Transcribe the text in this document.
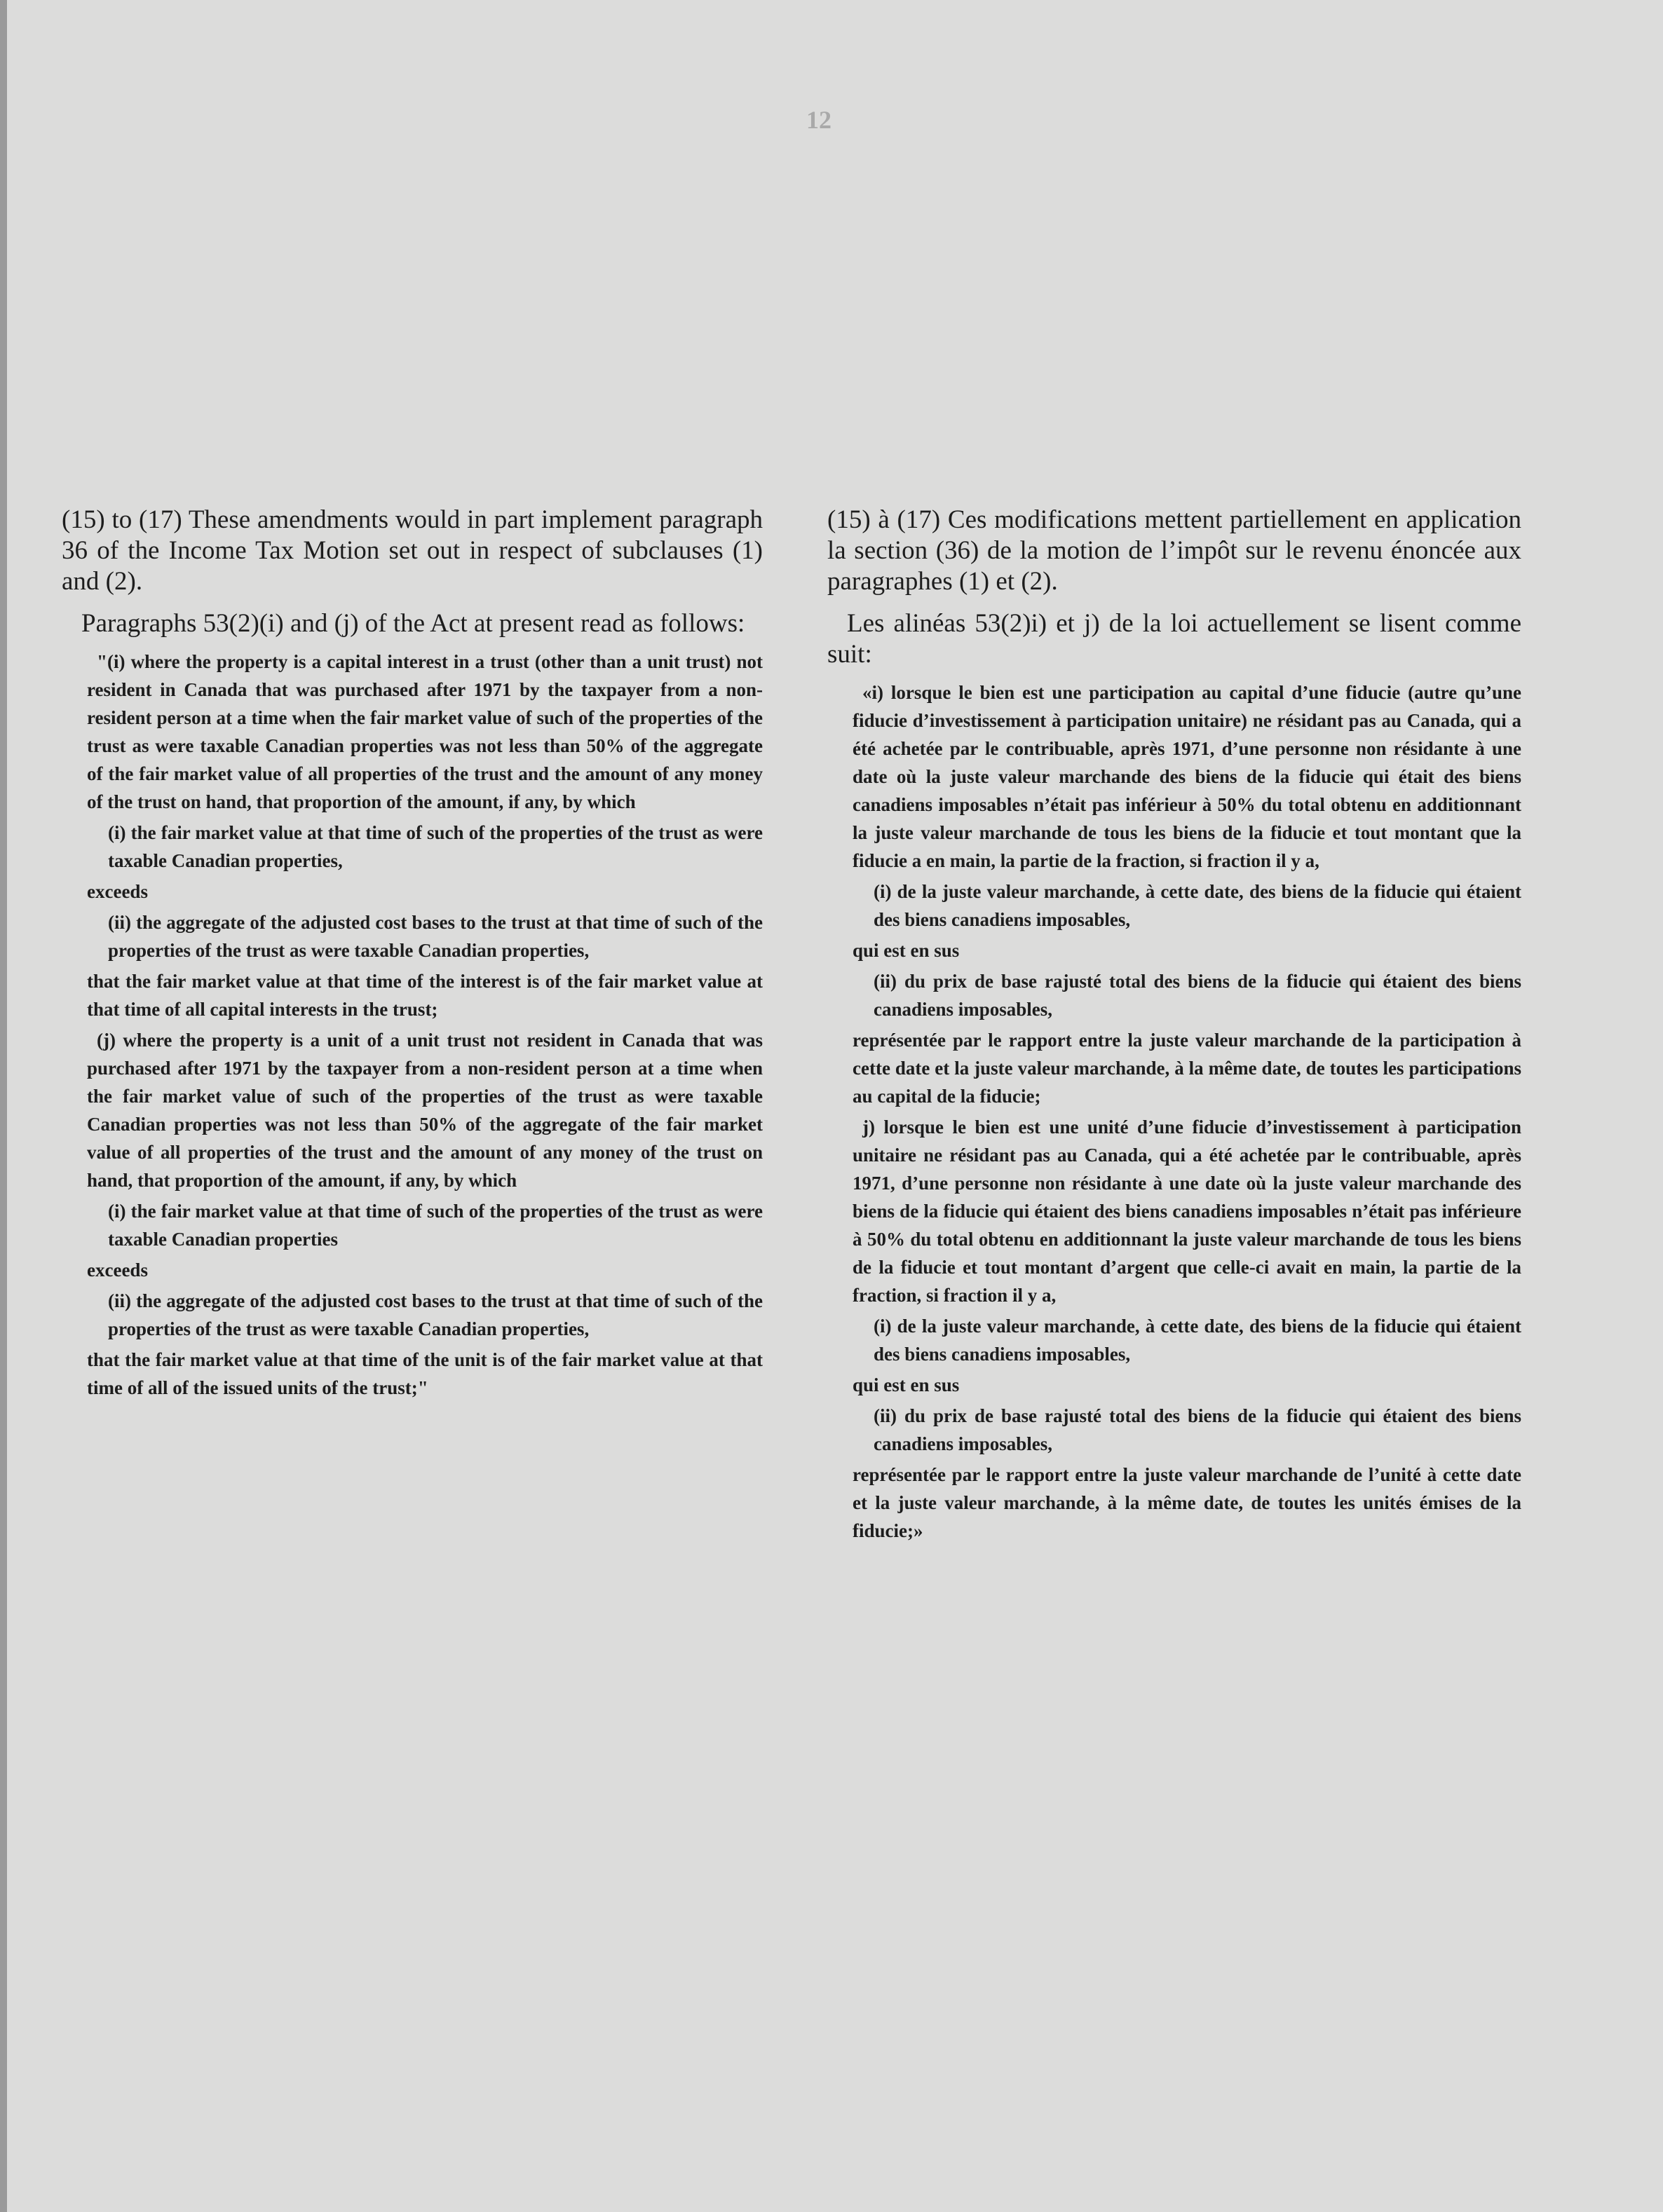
12

(15) to (17) These amendments would in part implement paragraph 36 of the Income Tax Motion set out in respect of subclauses (1) and (2).

Paragraphs 53(2)(i) and (j) of the Act at present read as follows:

"(i) where the property is a capital interest in a trust (other than a unit trust) not resident in Canada that was purchased after 1971 by the taxpayer from a non-resident person at a time when the fair market value of such of the properties of the trust as were taxable Canadian properties was not less than 50% of the aggregate of the fair market value of all properties of the trust and the amount of any money of the trust on hand, that proportion of the amount, if any, by which

(i) the fair market value at that time of such of the properties of the trust as were taxable Canadian properties,

exceeds

(ii) the aggregate of the adjusted cost bases to the trust at that time of such of the properties of the trust as were taxable Canadian properties,

that the fair market value at that time of the interest is of the fair market value at that time of all capital interests in the trust;

(j) where the property is a unit of a unit trust not resident in Canada that was purchased after 1971 by the taxpayer from a non-resident person at a time when the fair market value of such of the properties of the trust as were taxable Canadian properties was not less than 50% of the aggregate of the fair market value of all properties of the trust and the amount of any money of the trust on hand, that proportion of the amount, if any, by which

(i) the fair market value at that time of such of the properties of the trust as were taxable Canadian properties

exceeds

(ii) the aggregate of the adjusted cost bases to the trust at that time of such of the properties of the trust as were taxable Canadian properties,

that the fair market value at that time of the unit is of the fair market value at that time of all of the issued units of the trust;"

(15) à (17) Ces modifications mettent partiellement en application la section (36) de la motion de l’impôt sur le revenu énoncée aux paragraphes (1) et (2).

Les alinéas 53(2)i) et j) de la loi actuellement se lisent comme suit:

«i) lorsque le bien est une participation au capital d’une fiducie (autre qu’une fiducie d’investissement à participation unitaire) ne résidant pas au Canada, qui a été achetée par le contribuable, après 1971, d’une personne non résidante à une date où la juste valeur marchande des biens de la fiducie qui était des biens canadiens imposables n’était pas inférieur à 50% du total obtenu en additionnant la juste valeur marchande de tous les biens de la fiducie et tout montant que la fiducie a en main, la partie de la fraction, si fraction il y a,

(i) de la juste valeur marchande, à cette date, des biens de la fiducie qui étaient des biens canadiens imposables,

qui est en sus

(ii) du prix de base rajusté total des biens de la fiducie qui étaient des biens canadiens imposables,

représentée par le rapport entre la juste valeur marchande de la participation à cette date et la juste valeur marchande, à la même date, de toutes les participations au capital de la fiducie;

j) lorsque le bien est une unité d’une fiducie d’investissement à participation unitaire ne résidant pas au Canada, qui a été achetée par le contribuable, après 1971, d’une personne non résidante à une date où la juste valeur marchande des biens de la fiducie qui étaient des biens canadiens imposables n’était pas inférieure à 50% du total obtenu en additionnant la juste valeur marchande de tous les biens de la fiducie et tout montant d’argent que celle-ci avait en main, la partie de la fraction, si fraction il y a,

(i) de la juste valeur marchande, à cette date, des biens de la fiducie qui étaient des biens canadiens imposables,

qui est en sus

(ii) du prix de base rajusté total des biens de la fiducie qui étaient des biens canadiens imposables,

représentée par le rapport entre la juste valeur marchande de l’unité à cette date et la juste valeur marchande, à la même date, de toutes les unités émises de la fiducie;»
